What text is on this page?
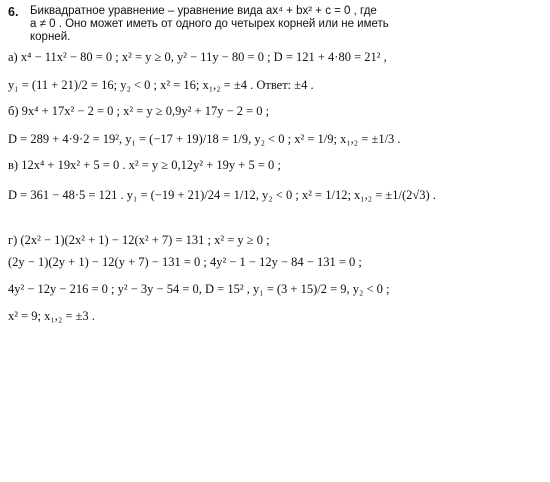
6. Биквадратное уравнение – уравнение вида ax⁴ + bx² + c = 0 , где
a ≠ 0 . Оно может иметь от одного до четырех корней или не иметь
корней.
а) x⁴ − 11x² − 80 = 0 ; x² = y ≥ 0, y² − 11y − 80 = 0 ; D = 121 + 4·80 = 21² ,
y₁ = (11 + 21)/2 = 16; y₂ < 0 ; x² = 16; x₁,₂ = ±4 . Ответ: ±4 .
б) 9x⁴ + 17x² − 2 = 0 ; x² = y ≥ 0,9y² + 17y − 2 = 0 ;
D = 289 + 4·9·2 = 19², y₁ = (−17 + 19)/18 = 1/9, y₂ < 0 ; x² = 1/9; x₁,₂ = ±1/3 .
в) 12x⁴ + 19x² + 5 = 0 . x² = y ≥ 0,12y² + 19y + 5 = 0 ;
D = 361 − 48·5 = 121 . y₁ = (−19 + 21)/24 = 1/12, y₂ < 0 ; x² = 1/12; x₁,₂ = ±1/(2√3) .
г) (2x² − 1)(2x² + 1) − 12(x² + 7) = 131 ; x² = y ≥ 0 ;
(2y − 1)(2y + 1) − 12(y + 7) − 131 = 0 ; 4y² − 1 − 12y − 84 − 131 = 0 ;
4y² − 12y − 216 = 0 ; y² − 3y − 54 = 0, D = 15² , y₁ = (3 + 15)/2 = 9, y₂ < 0 ;
x² = 9; x₁,₂ = ±3 .
